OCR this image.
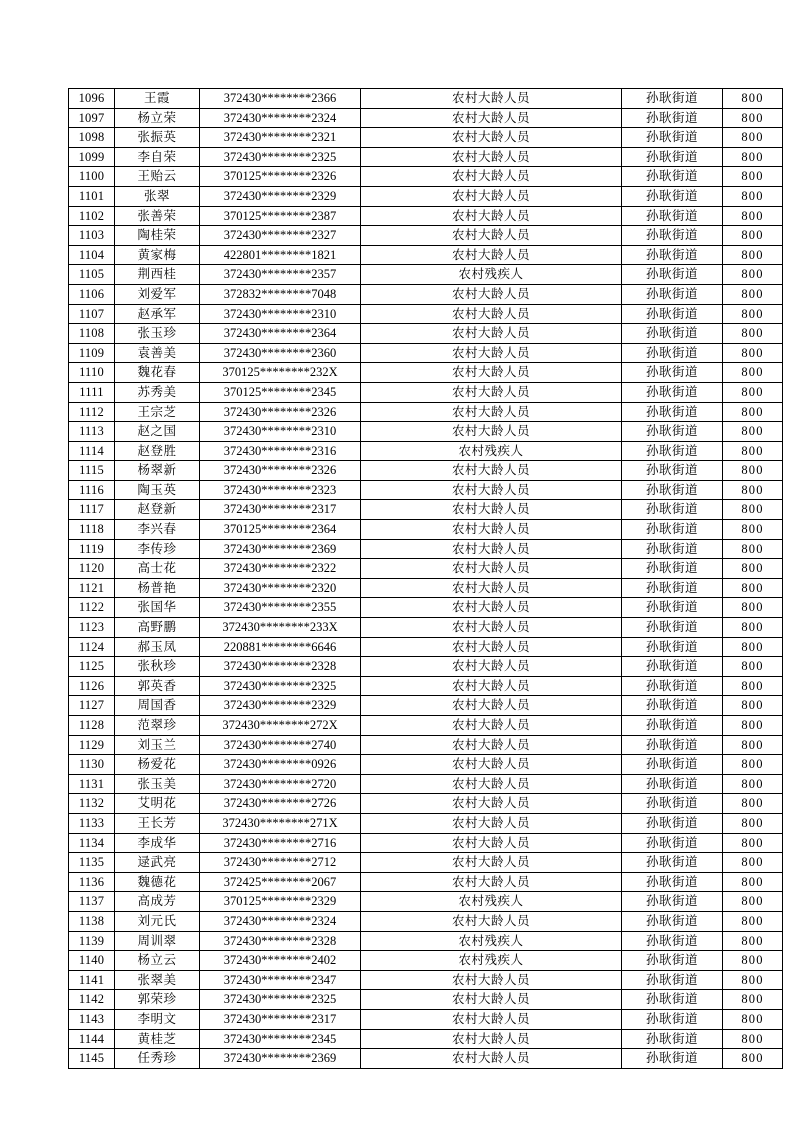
1096	王霞	372430********2366	农村大龄人员	孙耿街道	800
1097	杨立荣	372430********2324	农村大龄人员	孙耿街道	800
1098	张振英	372430********2321	农村大龄人员	孙耿街道	800
1099	李自荣	372430********2325	农村大龄人员	孙耿街道	800
1100	王贻云	370125********2326	农村大龄人员	孙耿街道	800
1101	张翠	372430********2329	农村大龄人员	孙耿街道	800
1102	张善荣	370125********2387	农村大龄人员	孙耿街道	800
1103	陶桂荣	372430********2327	农村大龄人员	孙耿街道	800
1104	黄家梅	422801********1821	农村大龄人员	孙耿街道	800
1105	荆西桂	372430********2357	农村残疾人	孙耿街道	800
1106	刘爱军	372832********7048	农村大龄人员	孙耿街道	800
1107	赵承军	372430********2310	农村大龄人员	孙耿街道	800
1108	张玉珍	372430********2364	农村大龄人员	孙耿街道	800
1109	袁善美	372430********2360	农村大龄人员	孙耿街道	800
1110	魏花春	370125********232X	农村大龄人员	孙耿街道	800
1111	苏秀美	370125********2345	农村大龄人员	孙耿街道	800
1112	王宗芝	372430********2326	农村大龄人员	孙耿街道	800
1113	赵之国	372430********2310	农村大龄人员	孙耿街道	800
1114	赵登胜	372430********2316	农村残疾人	孙耿街道	800
1115	杨翠新	372430********2326	农村大龄人员	孙耿街道	800
1116	陶玉英	372430********2323	农村大龄人员	孙耿街道	800
1117	赵登新	372430********2317	农村大龄人员	孙耿街道	800
1118	李兴春	370125********2364	农村大龄人员	孙耿街道	800
1119	李传珍	372430********2369	农村大龄人员	孙耿街道	800
1120	高士花	372430********2322	农村大龄人员	孙耿街道	800
1121	杨普艳	372430********2320	农村大龄人员	孙耿街道	800
1122	张国华	372430********2355	农村大龄人员	孙耿街道	800
1123	高野鹏	372430********233X	农村大龄人员	孙耿街道	800
1124	郝玉凤	220881********6646	农村大龄人员	孙耿街道	800
1125	张秋珍	372430********2328	农村大龄人员	孙耿街道	800
1126	郭英香	372430********2325	农村大龄人员	孙耿街道	800
1127	周国香	372430********2329	农村大龄人员	孙耿街道	800
1128	范翠珍	372430********272X	农村大龄人员	孙耿街道	800
1129	刘玉兰	372430********2740	农村大龄人员	孙耿街道	800
1130	杨爱花	372430********0926	农村大龄人员	孙耿街道	800
1131	张玉美	372430********2720	农村大龄人员	孙耿街道	800
1132	艾明花	372430********2726	农村大龄人员	孙耿街道	800
1133	王长芳	372430********271X	农村大龄人员	孙耿街道	800
1134	李成华	372430********2716	农村大龄人员	孙耿街道	800
1135	逯武亮	372430********2712	农村大龄人员	孙耿街道	800
1136	魏德花	372425********2067	农村大龄人员	孙耿街道	800
1137	高成芳	370125********2329	农村残疾人	孙耿街道	800
1138	刘元氏	372430********2324	农村大龄人员	孙耿街道	800
1139	周训翠	372430********2328	农村残疾人	孙耿街道	800
1140	杨立云	372430********2402	农村残疾人	孙耿街道	800
1141	张翠美	372430********2347	农村大龄人员	孙耿街道	800
1142	郭荣珍	372430********2325	农村大龄人员	孙耿街道	800
1143	李明文	372430********2317	农村大龄人员	孙耿街道	800
1144	黄桂芝	372430********2345	农村大龄人员	孙耿街道	800
1145	任秀珍	372430********2369	农村大龄人员	孙耿街道	800
